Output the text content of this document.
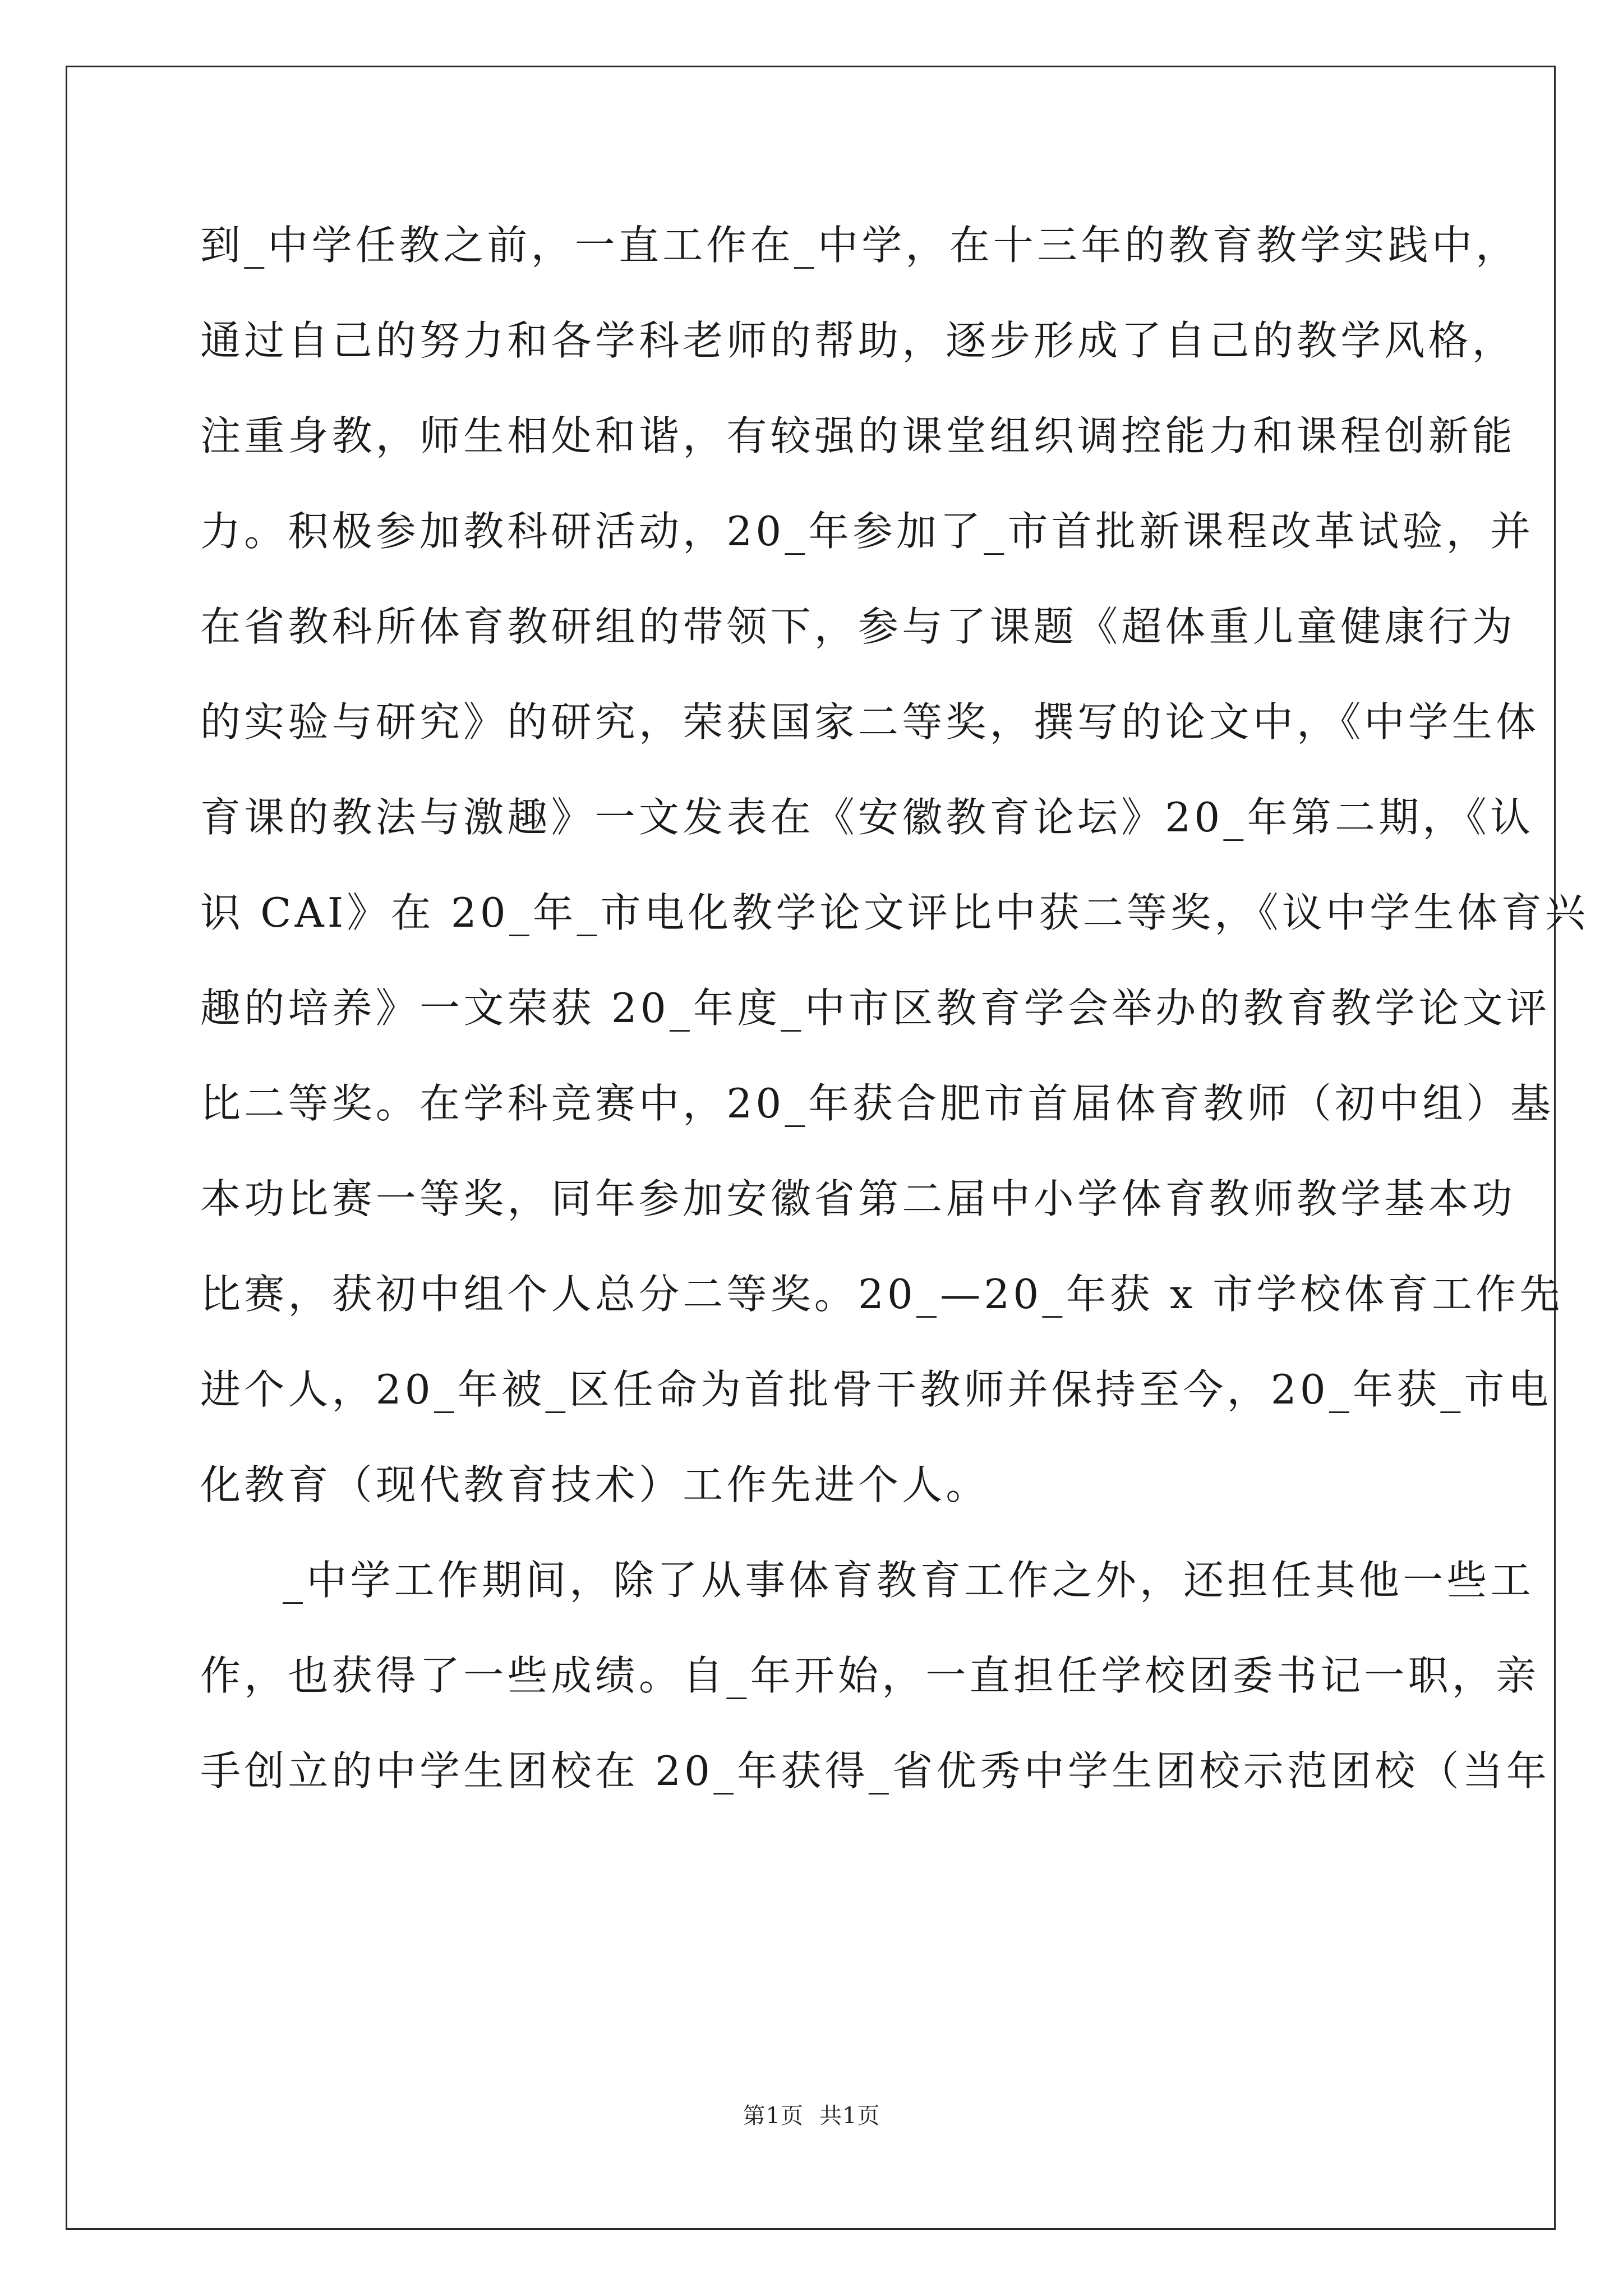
到_中学任教之前，一直工作在_中学，在十三年的教育教学实践中，
通过自己的努力和各学科老师的帮助，逐步形成了自己的教学风格，
注重身教，师生相处和谐，有较强的课堂组织调控能力和课程创新能
力。积极参加教科研活动，20_年参加了_市首批新课程改革试验，并
在省教科所体育教研组的带领下，参与了课题《超体重儿童健康行为
的实验与研究》的研究，荣获国家二等奖，撰写的论文中，《中学生体
育课的教法与激趣》一文发表在《安徽教育论坛》20_年第二期，《认
识 CAI》在 20_年_市电化教学论文评比中获二等奖，《议中学生体育兴
趣的培养》一文荣获 20_年度_中市区教育学会举办的教育教学论文评
比二等奖。在学科竞赛中，20_年获合肥市首届体育教师（初中组）基
本功比赛一等奖，同年参加安徽省第二届中小学体育教师教学基本功
比赛，获初中组个人总分二等奖。20_—20_年获 x 市学校体育工作先
进个人，20_年被_区任命为首批骨干教师并保持至今，20_年获_市电
化教育（现代教育技术）工作先进个人。
_中学工作期间，除了从事体育教育工作之外，还担任其他一些工
作，也获得了一些成绩。自_年开始，一直担任学校团委书记一职，亲
手创立的中学生团校在 20_年获得_省优秀中学生团校示范团校（当年
第1页 共1页
